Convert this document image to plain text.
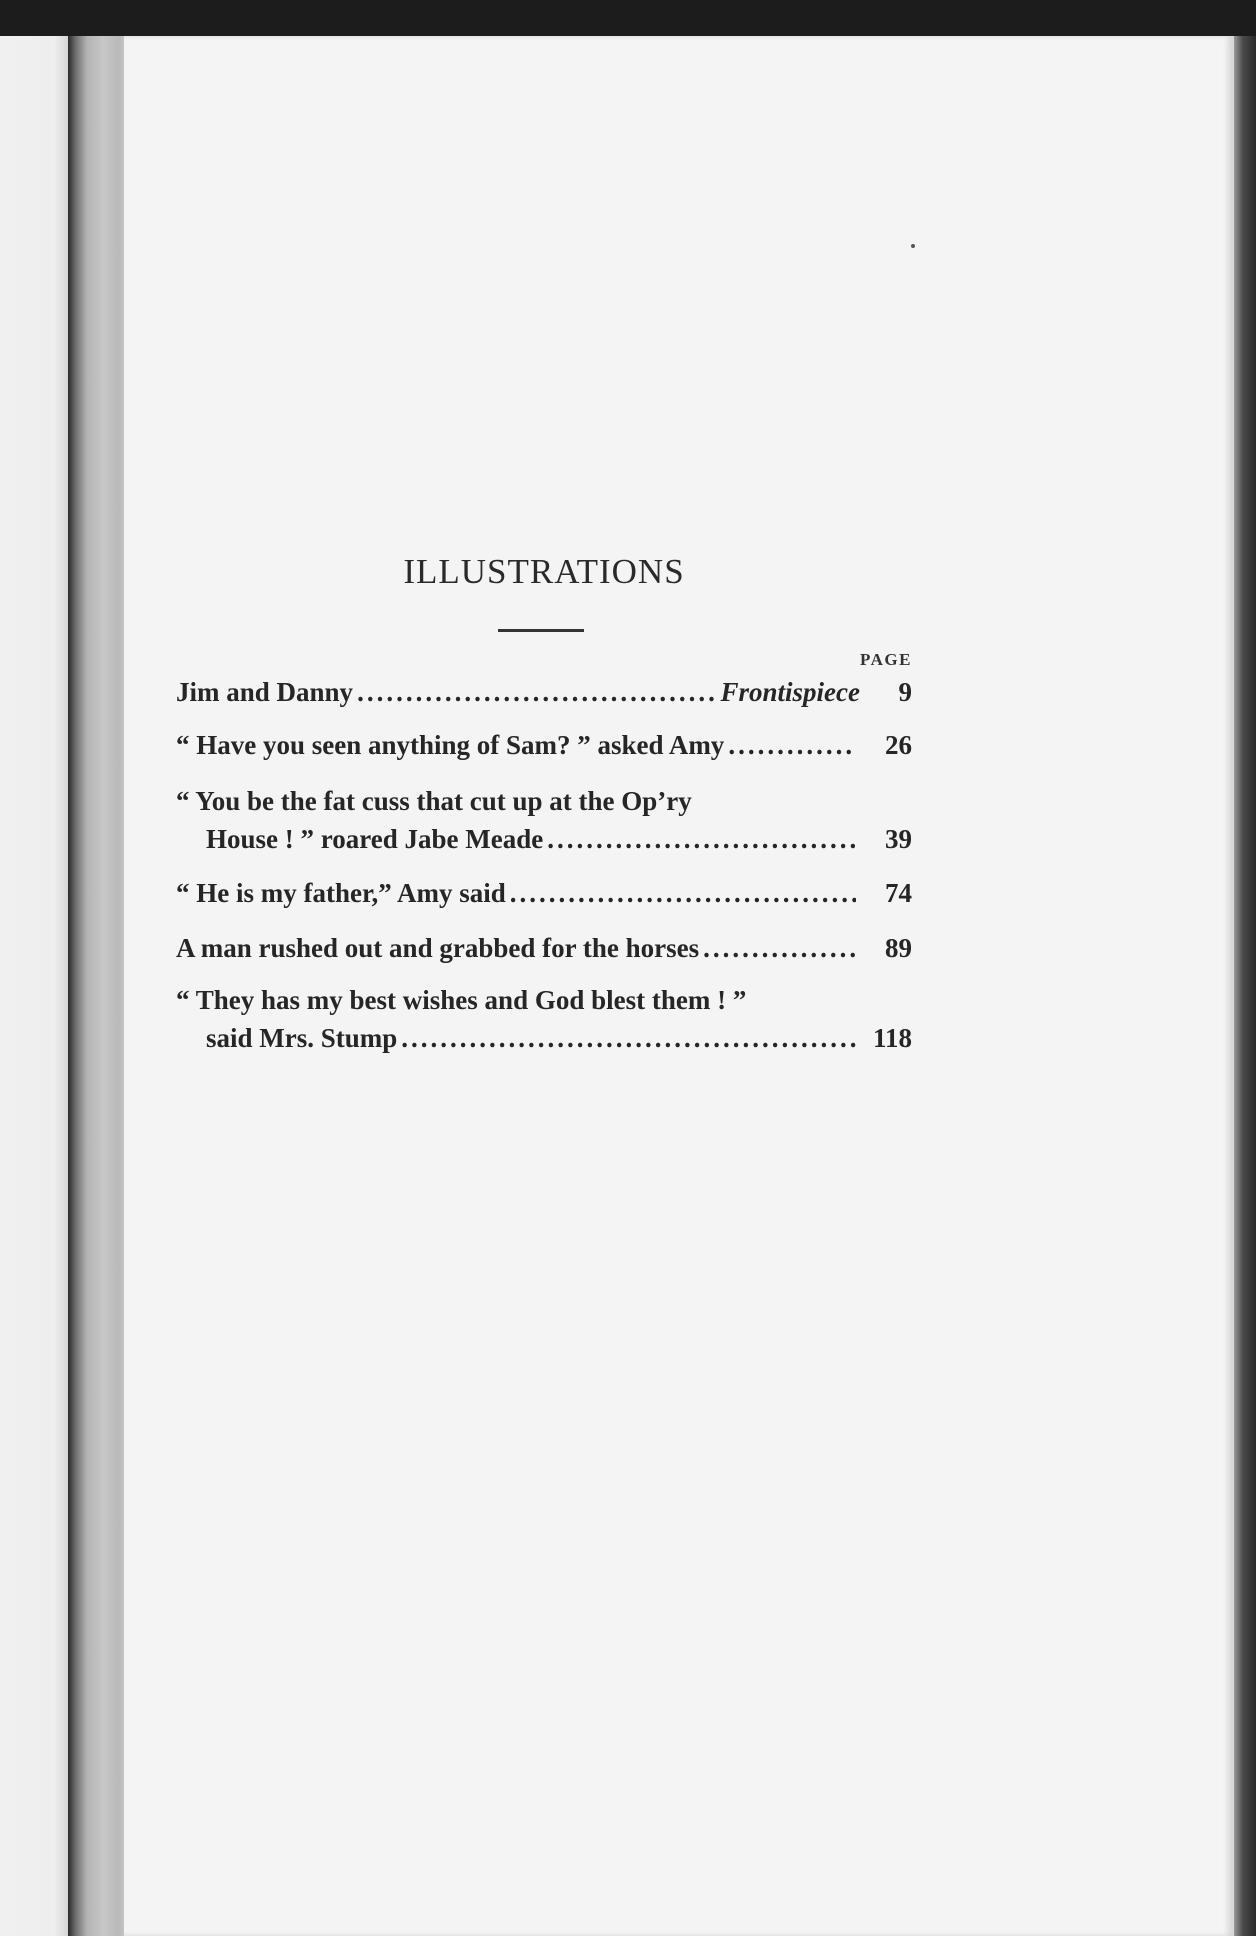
ILLUSTRATIONS
PAGE
Jim and Danny .....	Frontispiece	9
“ Have you seen anything of Sam? ” asked Amy .....	26
“ You be the fat cuss that cut up at the Op’ry
House ! ” roared Jabe Meade .....	39
“ He is my father,” Amy said .....	74
A man rushed out and grabbed for the horses .....	89
“ They has my best wishes and God blest them ! ”
said Mrs. Stump .....	118
